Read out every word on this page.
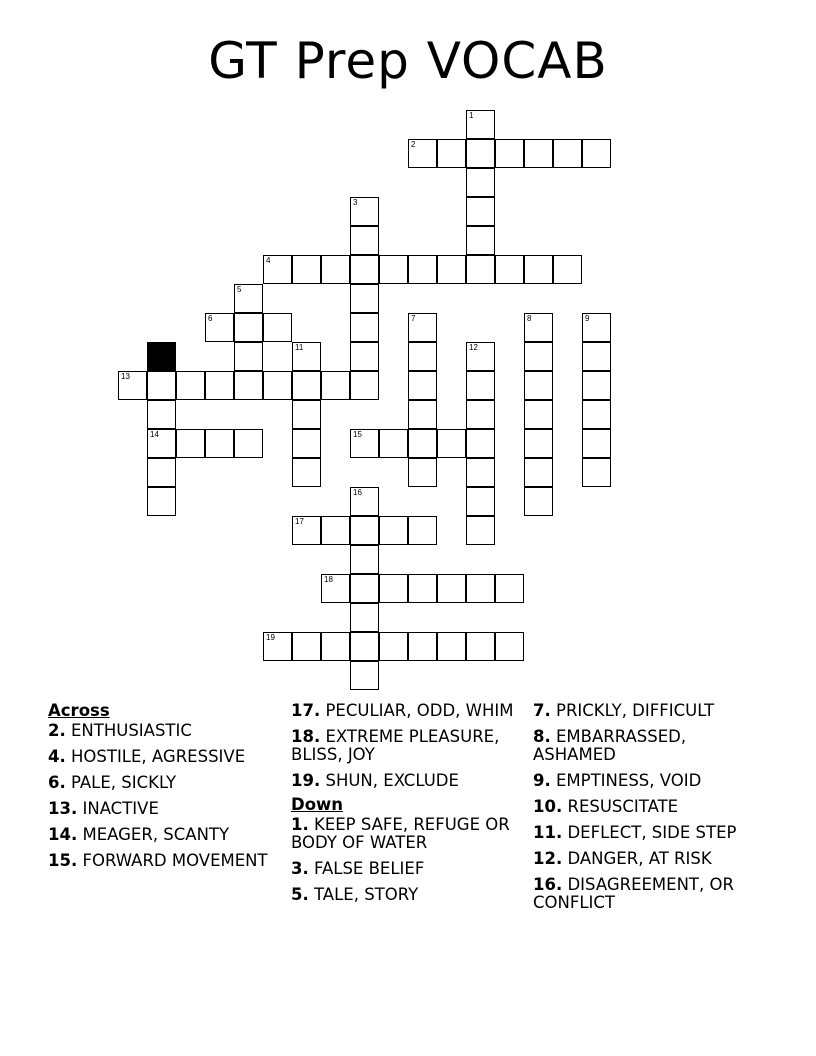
GT Prep VOCAB
2
4
6
13
14	15
17
18
19
1
3
5
7	8	9
10	11	12
16
Across
2. ENTHUSIASTIC
4. HOSTILE, AGRESSIVE
6. PALE, SICKLY
13. INACTIVE
14. MEAGER, SCANTY
15. FORWARD MOVEMENT
17. PECULIAR, ODD, WHIM
18. EXTREME PLEASURE, BLISS, JOY
19. SHUN, EXCLUDE
Down
1. KEEP SAFE, REFUGE OR BODY OF WATER
3. FALSE BELIEF
5. TALE, STORY
7. PRICKLY, DIFFICULT
8. EMBARRASSED, ASHAMED
9. EMPTINESS, VOID
10. RESUSCITATE
11. DEFLECT, SIDE STEP
12. DANGER, AT RISK
16. DISAGREEMENT, OR CONFLICT
